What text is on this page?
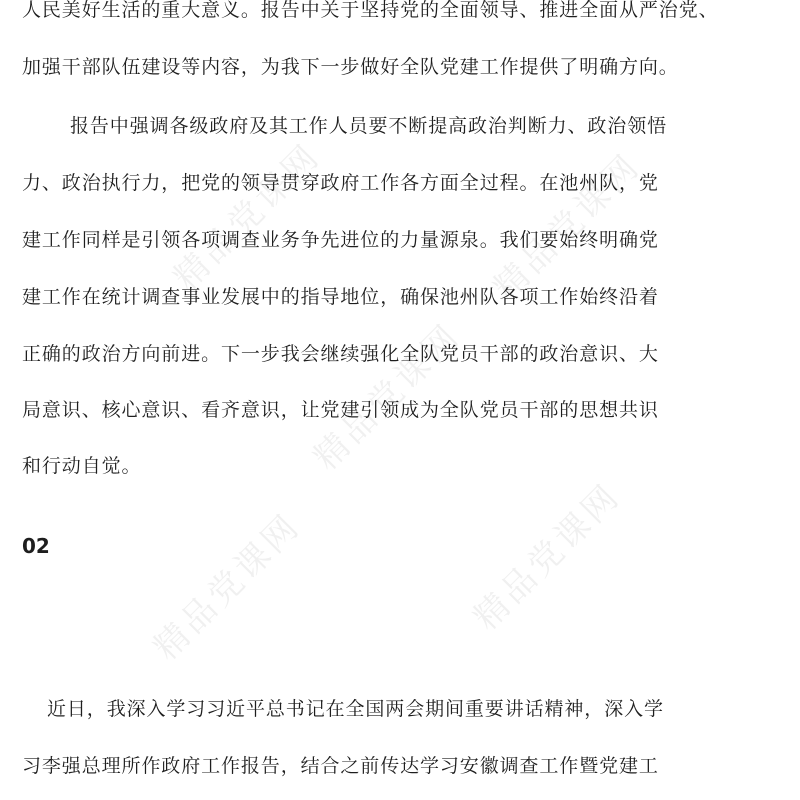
精品党课网	精品党课网
精品党课网
精品党课网	精品党课网
人民美好生活的重大意义。报告中关于坚持党的全面领导、推进全面从严治党、
加强干部队伍建设等内容，为我下一步做好全队党建工作提供了明确方向。
报告中强调各级政府及其工作人员要不断提高政治判断力、政治领悟
力、政治执行力，把党的领导贯穿政府工作各方面全过程。在池州队，党
建工作同样是引领各项调查业务争先进位的力量源泉。我们要始终明确党
建工作在统计调查事业发展中的指导地位，确保池州队各项工作始终沿着
正确的政治方向前进。下一步我会继续强化全队党员干部的政治意识、大
局意识、核心意识、看齐意识，让党建引领成为全队党员干部的思想共识
和行动自觉。
02
近日，我深入学习习近平总书记在全国两会期间重要讲话精神，深入学
习李强总理所作政府工作报告，结合之前传达学习安徽调查工作暨党建工
